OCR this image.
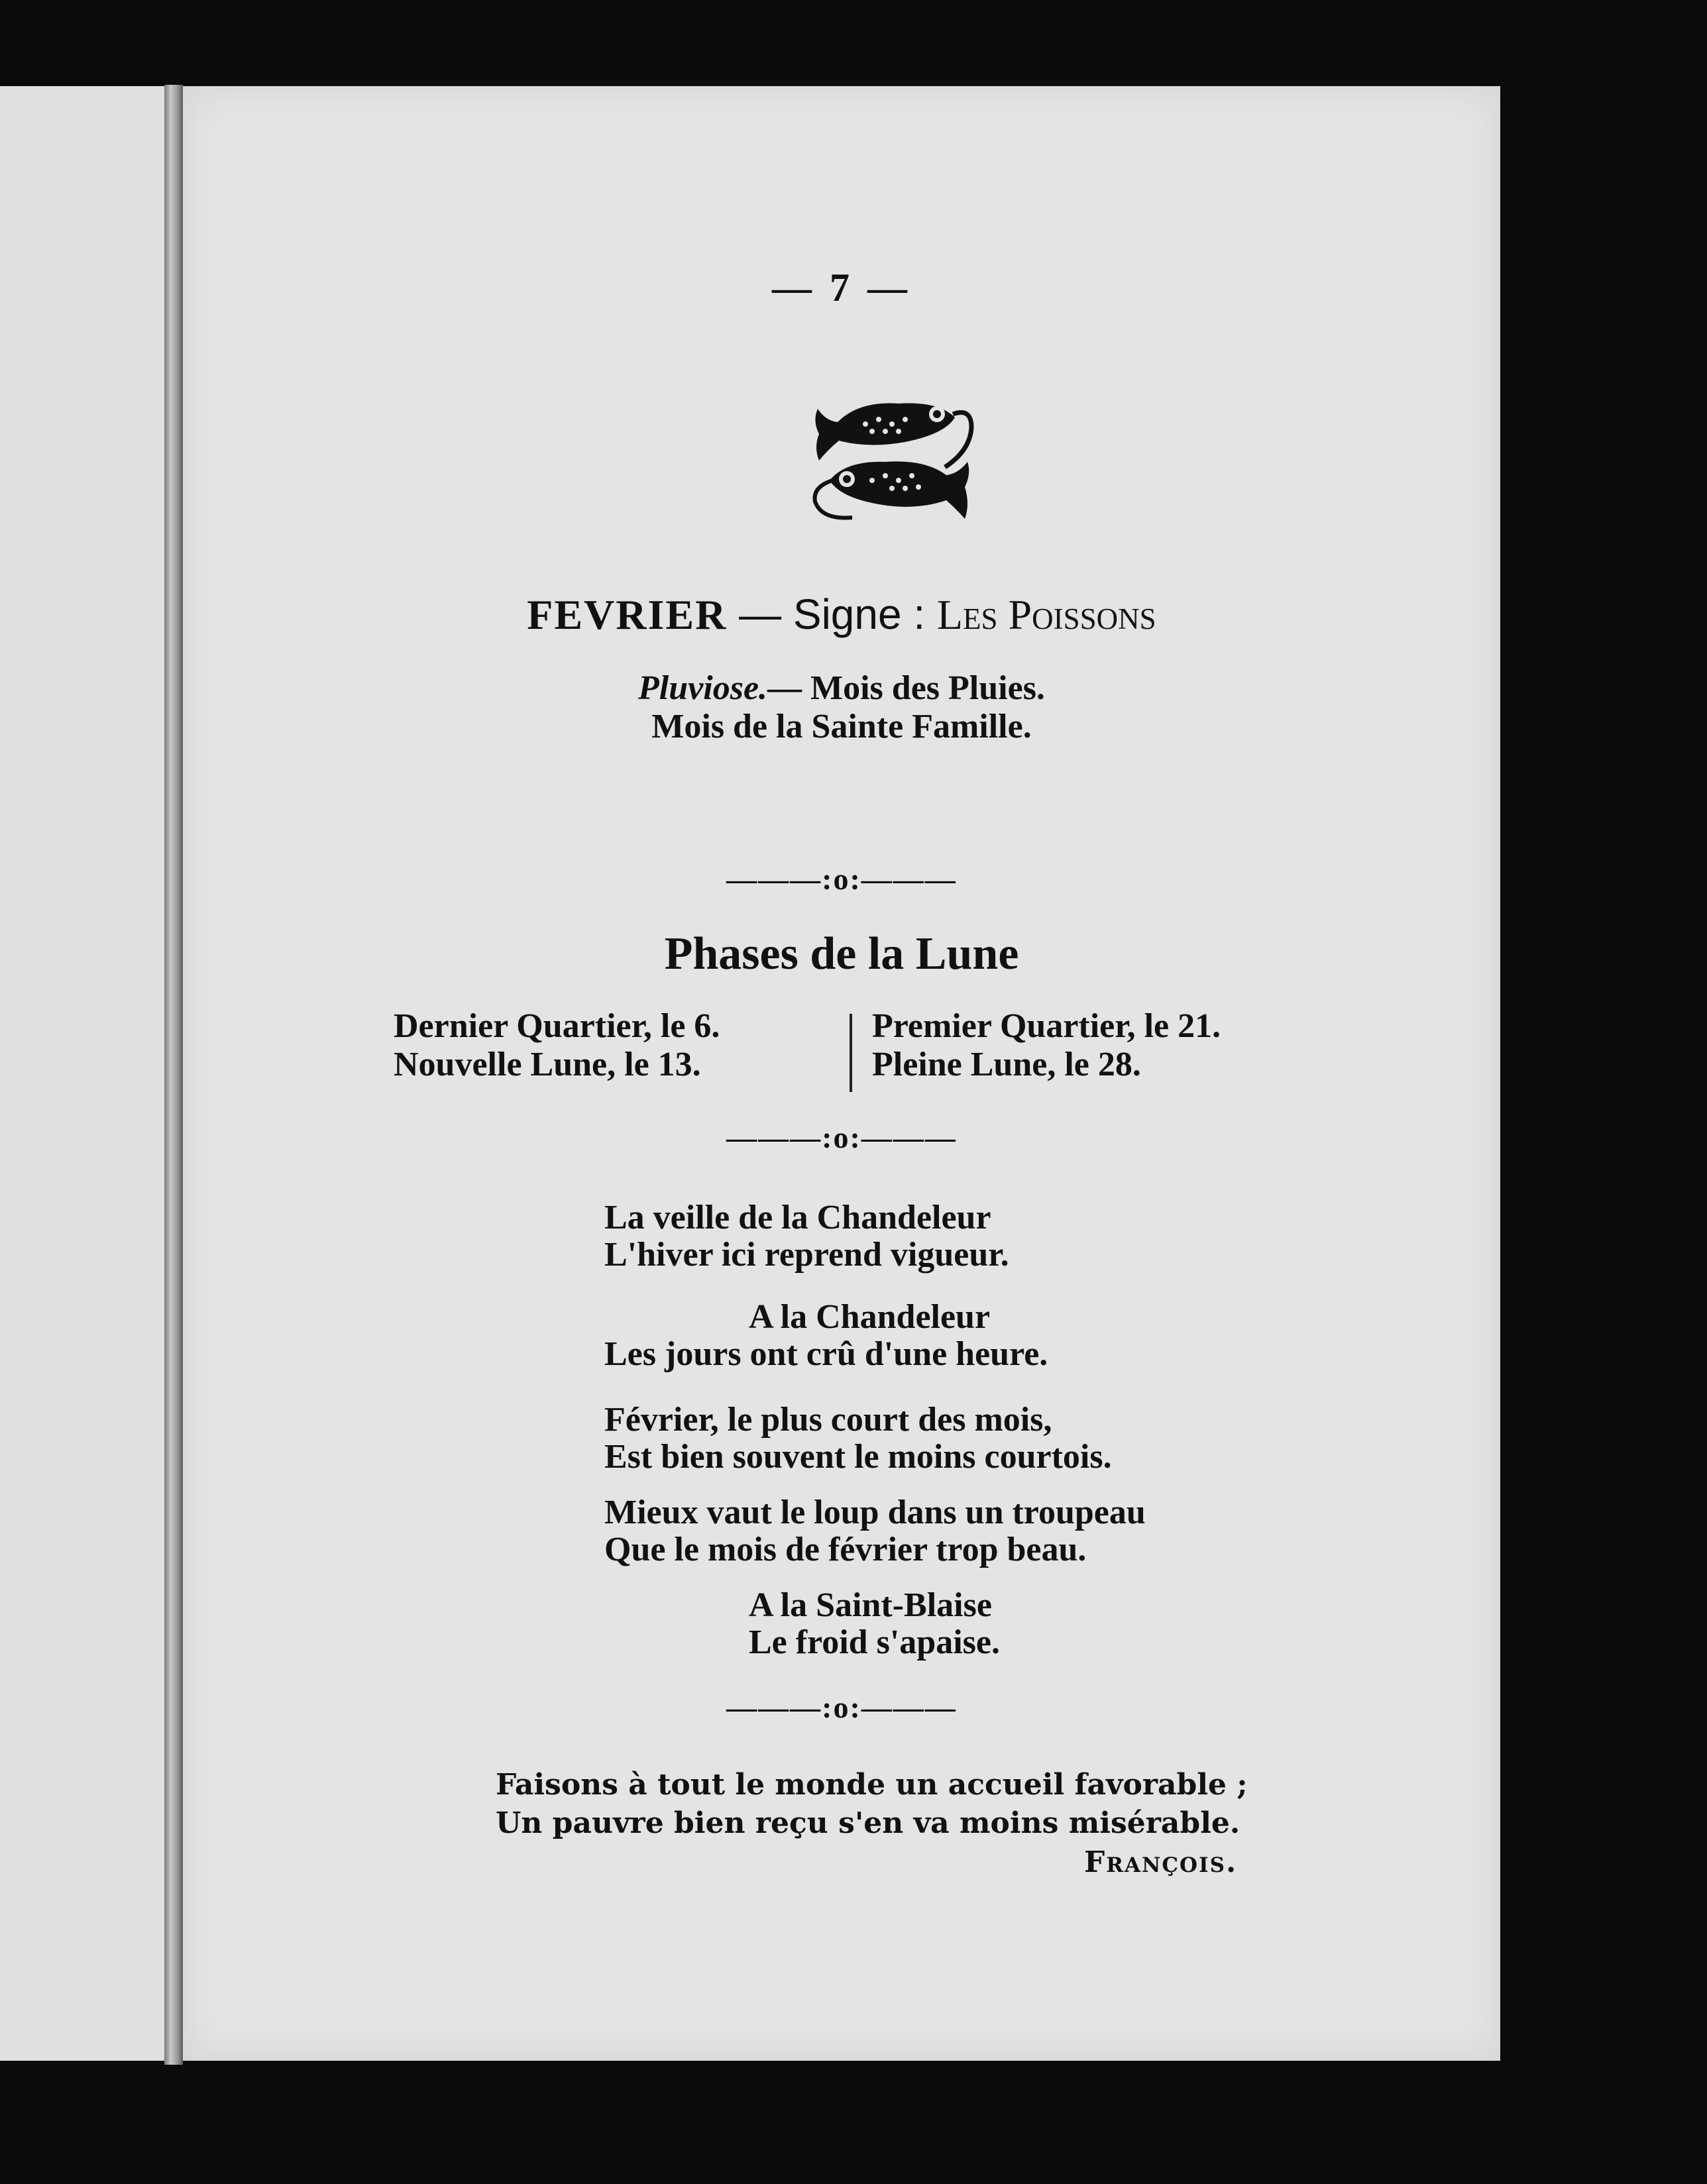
— 7 —
FEVRIER — Signe : Les Poissons
Pluviose.— Mois des Pluies.
Mois de la Sainte Famille.
———:o:———
Phases de la Lune
Dernier Quartier, le 6.
Nouvelle Lune, le 13.
Premier Quartier, le 21.
Pleine Lune, le 28.
———:o:———
La veille de la Chandeleur
L'hiver ici reprend vigueur.
A la Chandeleur
Les jours ont crû d'une heure.
Février, le plus court des mois,
Est bien souvent le moins courtois.
Mieux vaut le loup dans un troupeau
Que le mois de février trop beau.
A la Saint-Blaise
Le froid s'apaise.
———:o:———
Faisons à tout le monde un accueil favorable ;
Un pauvre bien reçu s'en va moins misérable.
François.
